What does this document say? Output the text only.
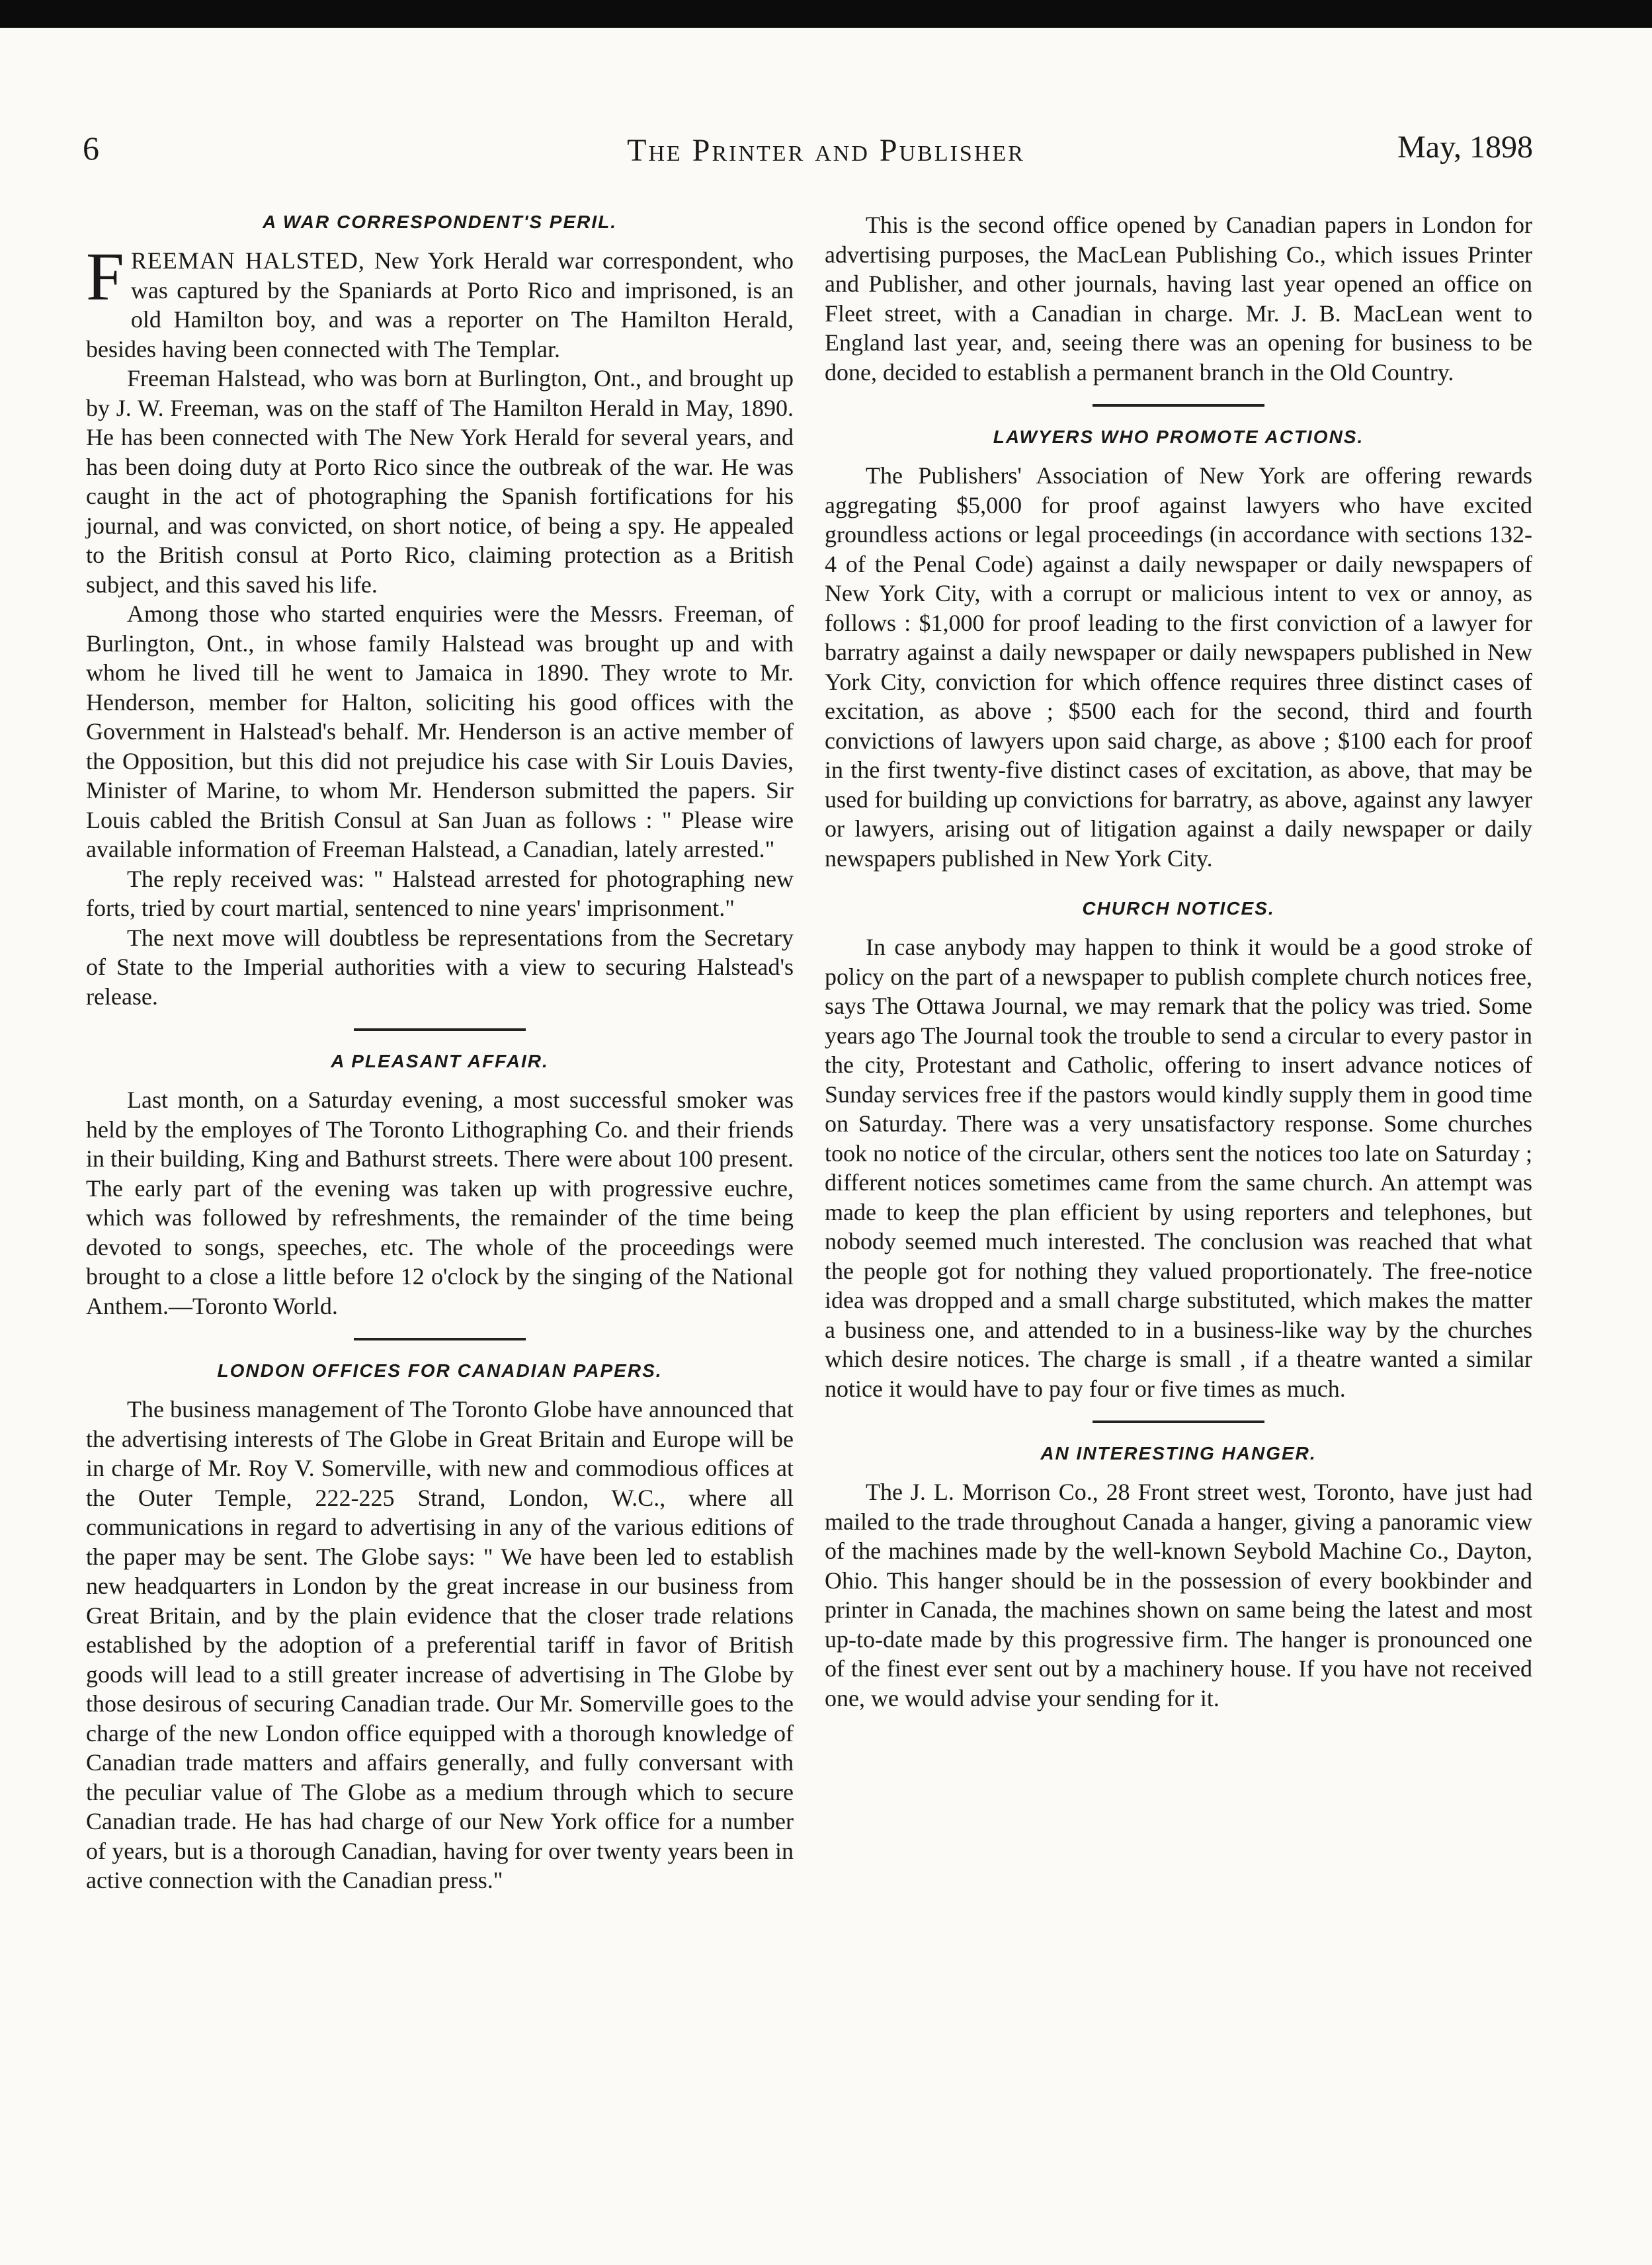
6	The Printer and Publisher	May, 1898
A WAR CORRESPONDENT'S PERIL.

FREEMAN HALSTED, New York Herald war correspondent, who was captured by the Spaniards at Porto Rico and imprisoned, is an old Hamilton boy, and was a reporter on The Hamilton Herald, besides having been connected with The Templar.

Freeman Halstead, who was born at Burlington, Ont., and brought up by J. W. Freeman, was on the staff of The Hamilton Herald in May, 1890. He has been connected with The New York Herald for several years, and has been doing duty at Porto Rico since the outbreak of the war. He was caught in the act of photographing the Spanish fortifications for his journal, and was convicted, on short notice, of being a spy. He appealed to the British consul at Porto Rico, claiming protection as a British subject, and this saved his life.

Among those who started enquiries were the Messrs. Freeman, of Burlington, Ont., in whose family Halstead was brought up and with whom he lived till he went to Jamaica in 1890. They wrote to Mr. Henderson, member for Halton, soliciting his good offices with the Government in Halstead's behalf. Mr. Henderson is an active member of the Opposition, but this did not prejudice his case with Sir Louis Davies, Minister of Marine, to whom Mr. Henderson submitted the papers. Sir Louis cabled the British Consul at San Juan as follows : " Please wire available information of Freeman Halstead, a Canadian, lately arrested."

The reply received was: " Halstead arrested for photographing new forts, tried by court martial, sentenced to nine years' imprisonment."

The next move will doubtless be representations from the Secretary of State to the Imperial authorities with a view to securing Halstead's release.

A PLEASANT AFFAIR.

Last month, on a Saturday evening, a most successful smoker was held by the employes of The Toronto Lithographing Co. and their friends in their building, King and Bathurst streets. There were about 100 present. The early part of the evening was taken up with progressive euchre, which was followed by refreshments, the remainder of the time being devoted to songs, speeches, etc. The whole of the proceedings were brought to a close a little before 12 o'clock by the singing of the National Anthem.—Toronto World.

LONDON OFFICES FOR CANADIAN PAPERS.

The business management of The Toronto Globe have announced that the advertising interests of The Globe in Great Britain and Europe will be in charge of Mr. Roy V. Somerville, with new and commodious offices at the Outer Temple, 222-225 Strand, London, W.C., where all communications in regard to advertising in any of the various editions of the paper may be sent. The Globe says: " We have been led to establish new headquarters in London by the great increase in our business from Great Britain, and by the plain evidence that the closer trade relations established by the adoption of a preferential tariff in favor of British goods will lead to a still greater increase of advertising in The Globe by those desirous of securing Canadian trade. Our Mr. Somerville goes to the charge of the new London office equipped with a thorough knowledge of Canadian trade matters and affairs generally, and fully conversant with the peculiar value of The Globe as a medium through which to secure Canadian trade. He has had charge of our New York office for a number of years, but is a thorough Canadian, having for over twenty years been in active connection with the Canadian press."

This is the second office opened by Canadian papers in London for advertising purposes, the MacLean Publishing Co., which issues Printer and Publisher, and other journals, having last year opened an office on Fleet street, with a Canadian in charge. Mr. J. B. MacLean went to England last year, and, seeing there was an opening for business to be done, decided to establish a permanent branch in the Old Country.

LAWYERS WHO PROMOTE ACTIONS.

The Publishers' Association of New York are offering rewards aggregating $5,000 for proof against lawyers who have excited groundless actions or legal proceedings (in accordance with sections 132-4 of the Penal Code) against a daily newspaper or daily newspapers of New York City, with a corrupt or malicious intent to vex or annoy, as follows : $1,000 for proof leading to the first conviction of a lawyer for barratry against a daily newspaper or daily newspapers published in New York City, conviction for which offence requires three distinct cases of excitation, as above ; $500 each for the second, third and fourth convictions of lawyers upon said charge, as above ; $100 each for proof in the first twenty-five distinct cases of excitation, as above, that may be used for building up convictions for barratry, as above, against any lawyer or lawyers, arising out of litigation against a daily newspaper or daily newspapers published in New York City.

CHURCH NOTICES.

In case anybody may happen to think it would be a good stroke of policy on the part of a newspaper to publish complete church notices free, says The Ottawa Journal, we may remark that the policy was tried. Some years ago The Journal took the trouble to send a circular to every pastor in the city, Protestant and Catholic, offering to insert advance notices of Sunday services free if the pastors would kindly supply them in good time on Saturday. There was a very unsatisfactory response. Some churches took no notice of the circular, others sent the notices too late on Saturday ; different notices sometimes came from the same church. An attempt was made to keep the plan efficient by using reporters and telephones, but nobody seemed much interested. The conclusion was reached that what the people got for nothing they valued proportionately. The free-notice idea was dropped and a small charge substituted, which makes the matter a business one, and attended to in a business-like way by the churches which desire notices. The charge is small , if a theatre wanted a similar notice it would have to pay four or five times as much.

AN INTERESTING HANGER.

The J. L. Morrison Co., 28 Front street west, Toronto, have just had mailed to the trade throughout Canada a hanger, giving a panoramic view of the machines made by the well-known Seybold Machine Co., Dayton, Ohio. This hanger should be in the possession of every bookbinder and printer in Canada, the machines shown on same being the latest and most up-to-date made by this progressive firm. The hanger is pronounced one of the finest ever sent out by a machinery house. If you have not received one, we would advise your sending for it.
